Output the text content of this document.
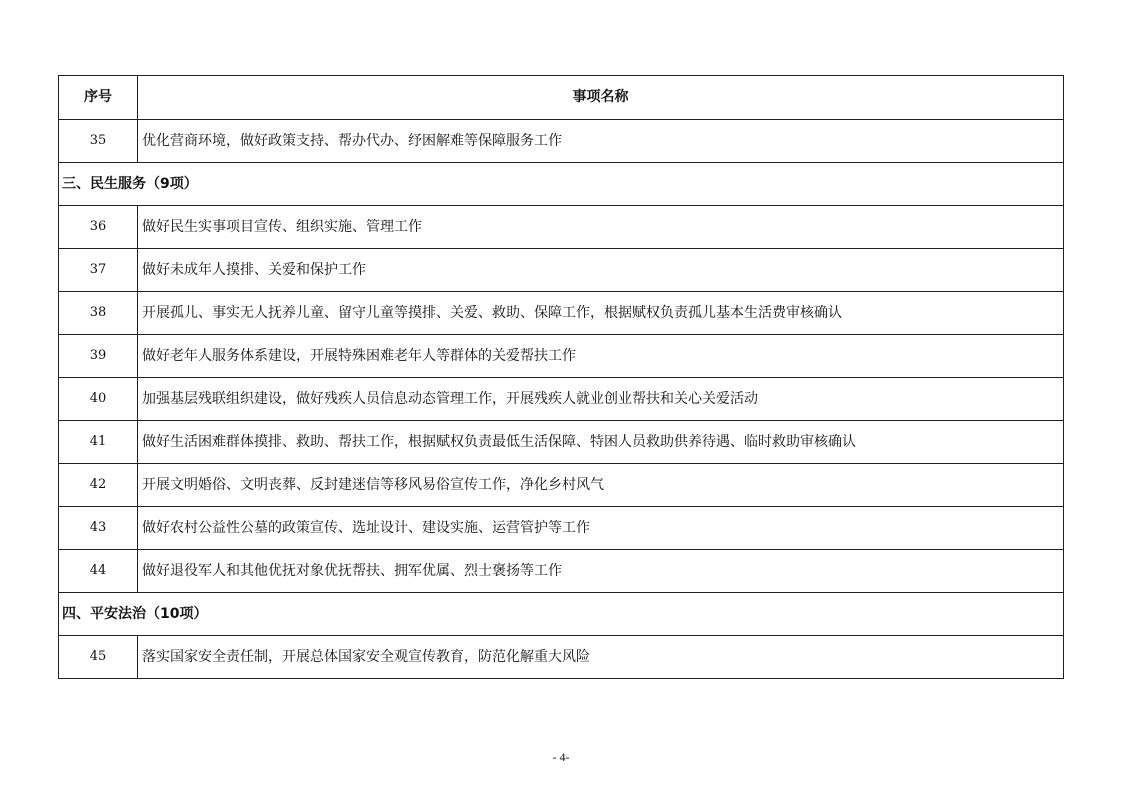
序号	事项名称
35	优化营商环境，做好政策支持、帮办代办、纾困解难等保障服务工作
三、民生服务（9项）	
36	做好民生实事项目宣传、组织实施、管理工作
37	做好未成年人摸排、关爱和保护工作
38	开展孤儿、事实无人抚养儿童、留守儿童等摸排、关爱、救助、保障工作，根据赋权负责孤儿基本生活费审核确认
39	做好老年人服务体系建设，开展特殊困难老年人等群体的关爱帮扶工作
40	加强基层残联组织建设，做好残疾人员信息动态管理工作，开展残疾人就业创业帮扶和关心关爱活动
41	做好生活困难群体摸排、救助、帮扶工作，根据赋权负责最低生活保障、特困人员救助供养待遇、临时救助审核确认
42	开展文明婚俗、文明丧葬、反封建迷信等移风易俗宣传工作，净化乡村风气
43	做好农村公益性公墓的政策宣传、选址设计、建设实施、运营管护等工作
44	做好退役军人和其他优抚对象优抚帮扶、拥军优属、烈士褒扬等工作
四、平安法治（10项）	
45	落实国家安全责任制，开展总体国家安全观宣传教育，防范化解重大风险
- 4-
